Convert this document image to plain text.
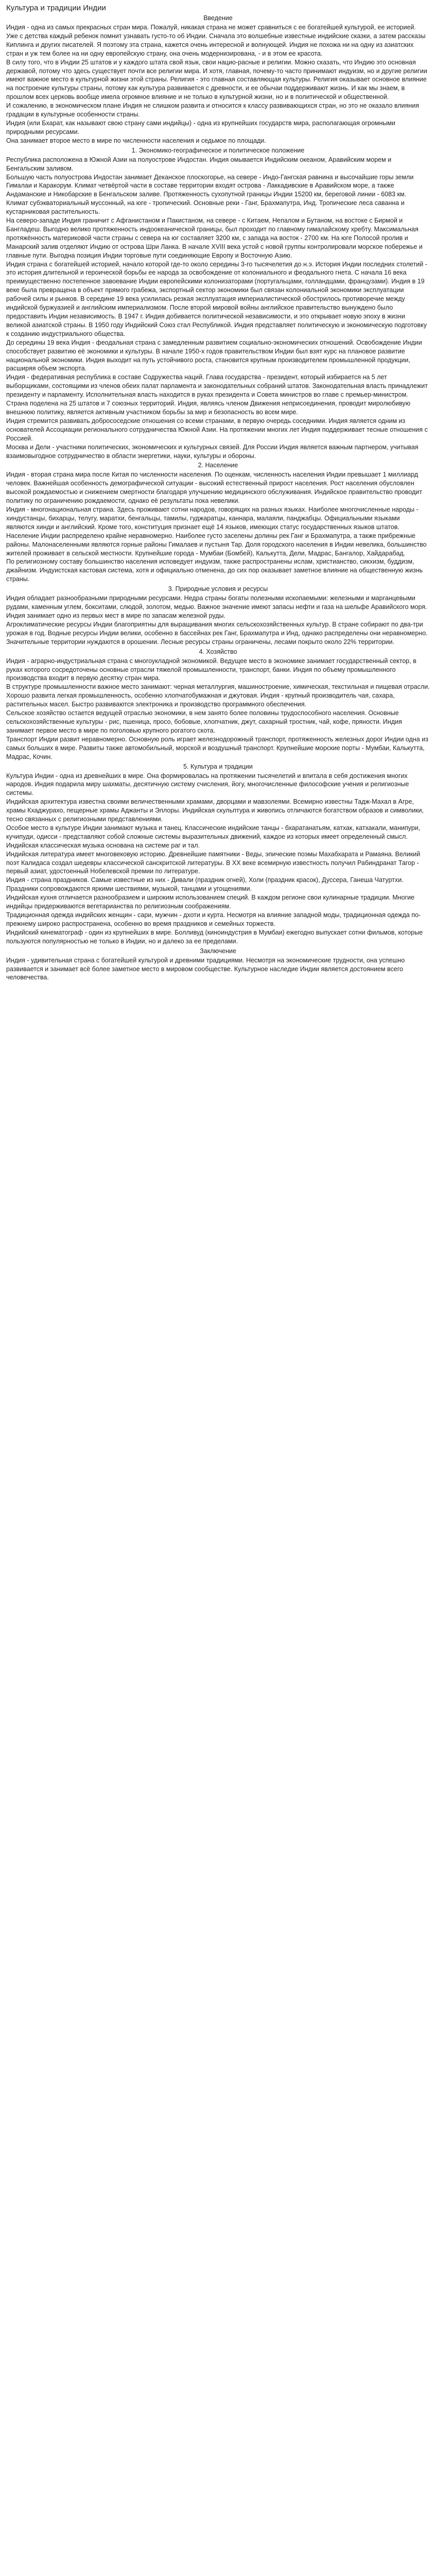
Культура и традиции Индии
Введение

Индия - одна из самых прекрасных стран мира. Пожалуй, никакая страна не может сравниться с ее богатейшей культурой, ее историей.

Уже с детства каждый ребенок помнит узнавать густо-то об Индии. Сначала это волшебные известные индийские сказки, а затем рассказы Киплинга и других писателей. Я поэтому эта страна, кажется очень интересной и волнующей. Индия не похожа ни на одну из азиатских стран и уж тем более на ни одну европейскую страну, она очень модернизирована, - и в этом ее красота.

В силу того, что в Индии 25 штатов и у каждого штата свой язык, свои нацио-расные и религии. Можно сказать, что Индию это основная державой, потому что здесь существует почти все религии мира. И хотя, главная, почему-то часто принимают индуизм, но и другие религии имеют важное место в культурной жизни этой страны. Религия - это главная составляющая культуры. Религия оказывает основное влияние на построение культуры страны, потому как культура развивается с древности, и ее обычаи поддерживают жизнь. И как мы знаем, в прошлом всех церковь вообще имела огромное влияние и не только в культурной жизни, но и в политической и общественной.

И сожалению, в экономическом плане Индия не слишком развита и относится к классу развивающихся стран, но это не оказало влияния градации в культурные особенности страны.

Индия (или Бхарат, как называют свою страну сами индийцы) - одна из крупнейших государств мира, располагающая огромными природными ресурсами.

Она занимает второе место в мире по численности населения и седьмое по площади.

1. Экономико-географическое и политическое положение

Республика расположена в Южной Азии на полуострове Индостан. Индия омывается Индийским океаном, Аравийским морем и Бенгальским заливом.

Большую часть полуострова Индостан занимает Деканское плоскогорье, на севере - Индо-Гангская равнина и высочайшие горы земли Гималаи и Каракорум. Климат четвёртой части в составе территории входят острова - Лаккадивские в Аравийском море, а также Андаманские и Никобарские в Бенгальском заливе. Протяженность сухопутной границы Индии 15200 км, береговой линии - 6083 км.

Климат субэкваториальный муссонный, на юге - тропический. Основные реки - Ганг, Брахмапутра, Инд. Тропические леса саванна и кустарниковая растительность.

На северо-западе Индия граничит с Афганистаном и Пакистаном, на севере - с Китаем, Непалом и Бутаном, на востоке с Бирмой и Бангладеш. Выгодно велико протяженность индоокеанической границы, был проходит по главному гималайскому хребту. Максимальная протяжённость материковой части страны с севера на юг составляет 3200 км, с запада на восток - 2700 км. На юге Полосой пролив и Манарский залив отделяют Индию от острова Шри Ланка. В начале XVIII века устой с новой группы контролировали морское побережье и главные пути. Выгодна позиция Индии торговые пути соединяющие Европу и Восточную Азию.

Индия страна с богатейшей историей, начало которой где-то около середины 3-го тысячелетия до н.э. История Индии последних столетий - это история длительной и героической борьбы ее народа за освобождение от колониального и феодального гнета. С начала 16 века преимущественно постепенное завоевание Индии европейскими колонизаторами (португальцами, голландцами, французами). Индия в 19 веке была превращена в объект прямого грабежа, экспортный сектор экономики был связан колониальной экономики эксплуатации рабочей силы и рынков. В середине 19 века усилилась резкая эксплуатация империалистической обострилось противоречие между индийской буржуазией и английским империализмом. После второй мировой войны английское правительство вынуждено было предоставить Индии независимость. В 1947 г. Индия добивается политической независимости, и это открывает новую эпоху в жизни великой азиатской страны. В 1950 году Индийский Союз стал Республикой. Индия представляет политическую и экономическую подготовку к созданию индустриального общества.

До середины 19 века Индия - феодальная страна с замедленным развитием социально-экономических отношений. Освобождение Индии способствует развитию её экономики и культуры. В начале 1950-х годов правительством Индии был взят курс на плановое развитие национальной экономики. Индия выходит на путь устойчивого роста, становится крупным производителем промышленной продукции, расширяя объем экспорта.

Индия - федеративная республика в составе Содружества наций. Глава государства - президент, который избирается на 5 лет выборщиками, состоящими из членов обеих палат парламента и законодательных собраний штатов. Законодательная власть принадлежит президенту и парламенту. Исполнительная власть находится в руках президента и Совета министров во главе с премьер-министром. Страна поделена на 25 штатов и 7 союзных территорий. Индия, являясь членом Движения неприсоединения, проводит миролюбивую внешнюю политику, является активным участником борьбы за мир и безопасность во всем мире.

Индия стремится развивать добрососедские отношения со всеми странами, в первую очередь соседними. Индия является одним из основателей Ассоциации регионального сотрудничества Южной Азии. На протяжении многих лет Индия поддерживает тесные отношения с Россией.

Москва и Дели - участники политических, экономических и культурных связей. Для России Индия является важным партнером, учитывая взаимовыгодное сотрудничество в области энергетики, науки, культуры и обороны.

2. Население

Индия - вторая страна мира после Китая по численности населения. По оценкам, численность населения Индии превышает 1 миллиард человек. Важнейшая особенность демографической ситуации - высокий естественный прирост населения. Рост населения обусловлен высокой рождаемостью и снижением смертности благодаря улучшению медицинского обслуживания. Индийское правительство проводит политику по ограничению рождаемости, однако её результаты пока невелики.

Индия - многонациональная страна. Здесь проживают сотни народов, говорящих на разных языках. Наиболее многочисленные народы - хиндустанцы, бихарцы, телугу, маратхи, бенгальцы, тамилы, гуджаратцы, каннара, малаяли, панджабцы. Официальными языками являются хинди и английский. Кроме того, конституция признает ещё 14 языков, имеющих статус государственных языков штатов.

Население Индии распределено крайне неравномерно. Наиболее густо заселены долины рек Ганг и Брахмапутра, а также прибрежные районы. Малонаселенными являются горные районы Гималаев и пустыня Тар. Доля городского населения в Индии невелика, большинство жителей проживает в сельской местности. Крупнейшие города - Мумбаи (Бомбей), Калькутта, Дели, Мадрас, Бангалор, Хайдарабад.

По религиозному составу большинство населения исповедует индуизм, также распространены ислам, христианство, сикхизм, буддизм, джайнизм. Индуистская кастовая система, хотя и официально отменена, до сих пор оказывает заметное влияние на общественную жизнь страны.

3. Природные условия и ресурсы

Индия обладает разнообразными природными ресурсами. Недра страны богаты полезными ископаемыми: железными и марганцевыми рудами, каменным углем, бокситами, слюдой, золотом, медью. Важное значение имеют запасы нефти и газа на шельфе Аравийского моря. Индия занимает одно из первых мест в мире по запасам железной руды.

Агроклиматические ресурсы Индии благоприятны для выращивания многих сельскохозяйственных культур. В стране собирают по два-три урожая в год. Водные ресурсы Индии велики, особенно в бассейнах рек Ганг, Брахмапутра и Инд, однако распределены они неравномерно. Значительные территории нуждаются в орошении. Лесные ресурсы страны ограничены, лесами покрыто около 22% территории.

4. Хозяйство

Индия - аграрно-индустриальная страна с многоукладной экономикой. Ведущее место в экономике занимает государственный сектор, в руках которого сосредоточены основные отрасли тяжелой промышленности, транспорт, банки. Индия по объему промышленного производства входит в первую десятку стран мира.

В структуре промышленности важное место занимают: черная металлургия, машиностроение, химическая, текстильная и пищевая отрасли. Хорошо развита легкая промышленность, особенно хлопчатобумажная и джутовая. Индия - крупный производитель чая, сахара, растительных масел. Быстро развиваются электроника и производство программного обеспечения.

Сельское хозяйство остается ведущей отраслью экономики, в нем занято более половины трудоспособного населения. Основные сельскохозяйственные культуры - рис, пшеница, просо, бобовые, хлопчатник, джут, сахарный тростник, чай, кофе, пряности. Индия занимает первое место в мире по поголовью крупного рогатого скота.

Транспорт Индии развит неравномерно. Основную роль играет железнодорожный транспорт, протяженность железных дорог Индии одна из самых больших в мире. Развиты также автомобильный, морской и воздушный транспорт. Крупнейшие морские порты - Мумбаи, Калькутта, Мадрас, Кочин.

5. Культура и традиции

Культура Индии - одна из древнейших в мире. Она формировалась на протяжении тысячелетий и впитала в себя достижения многих народов. Индия подарила миру шахматы, десятичную систему счисления, йогу, многочисленные философские учения и религиозные системы.

Индийская архитектура известна своими величественными храмами, дворцами и мавзолеями. Всемирно известны Тадж-Махал в Агре, храмы Кхаджурахо, пещерные храмы Аджанты и Эллоры. Индийская скульптура и живопись отличаются богатством образов и символики, тесно связанных с религиозными представлениями.

Особое место в культуре Индии занимают музыка и танец. Классические индийские танцы - бхаратанатьям, катхак, катхакали, манипури, кучипуди, одисси - представляют собой сложные системы выразительных движений, каждое из которых имеет определенный смысл. Индийская классическая музыка основана на системе раг и тал.

Индийская литература имеет многовековую историю. Древнейшие памятники - Веды, эпические поэмы Махабхарата и Рамаяна. Великий поэт Калидаса создал шедевры классической санскритской литературы. В XX веке всемирную известность получил Рабиндранат Тагор - первый азиат, удостоенный Нобелевской премии по литературе.

Индия - страна праздников. Самые известные из них - Дивали (праздник огней), Холи (праздник красок), Дуссера, Ганеша Чатуртхи. Праздники сопровождаются яркими шествиями, музыкой, танцами и угощениями.

Индийская кухня отличается разнообразием и широким использованием специй. В каждом регионе свои кулинарные традиции. Многие индийцы придерживаются вегетарианства по религиозным соображениям.

Традиционная одежда индийских женщин - сари, мужчин - дхоти и курта. Несмотря на влияние западной моды, традиционная одежда по-прежнему широко распространена, особенно во время праздников и семейных торжеств.

Индийский кинематограф - один из крупнейших в мире. Болливуд (киноиндустрия в Мумбаи) ежегодно выпускает сотни фильмов, которые пользуются популярностью не только в Индии, но и далеко за ее пределами.

Заключение

Индия - удивительная страна с богатейшей культурой и древними традициями. Несмотря на экономические трудности, она успешно развивается и занимает всё более заметное место в мировом сообществе. Культурное наследие Индии является достоянием всего человечества.
